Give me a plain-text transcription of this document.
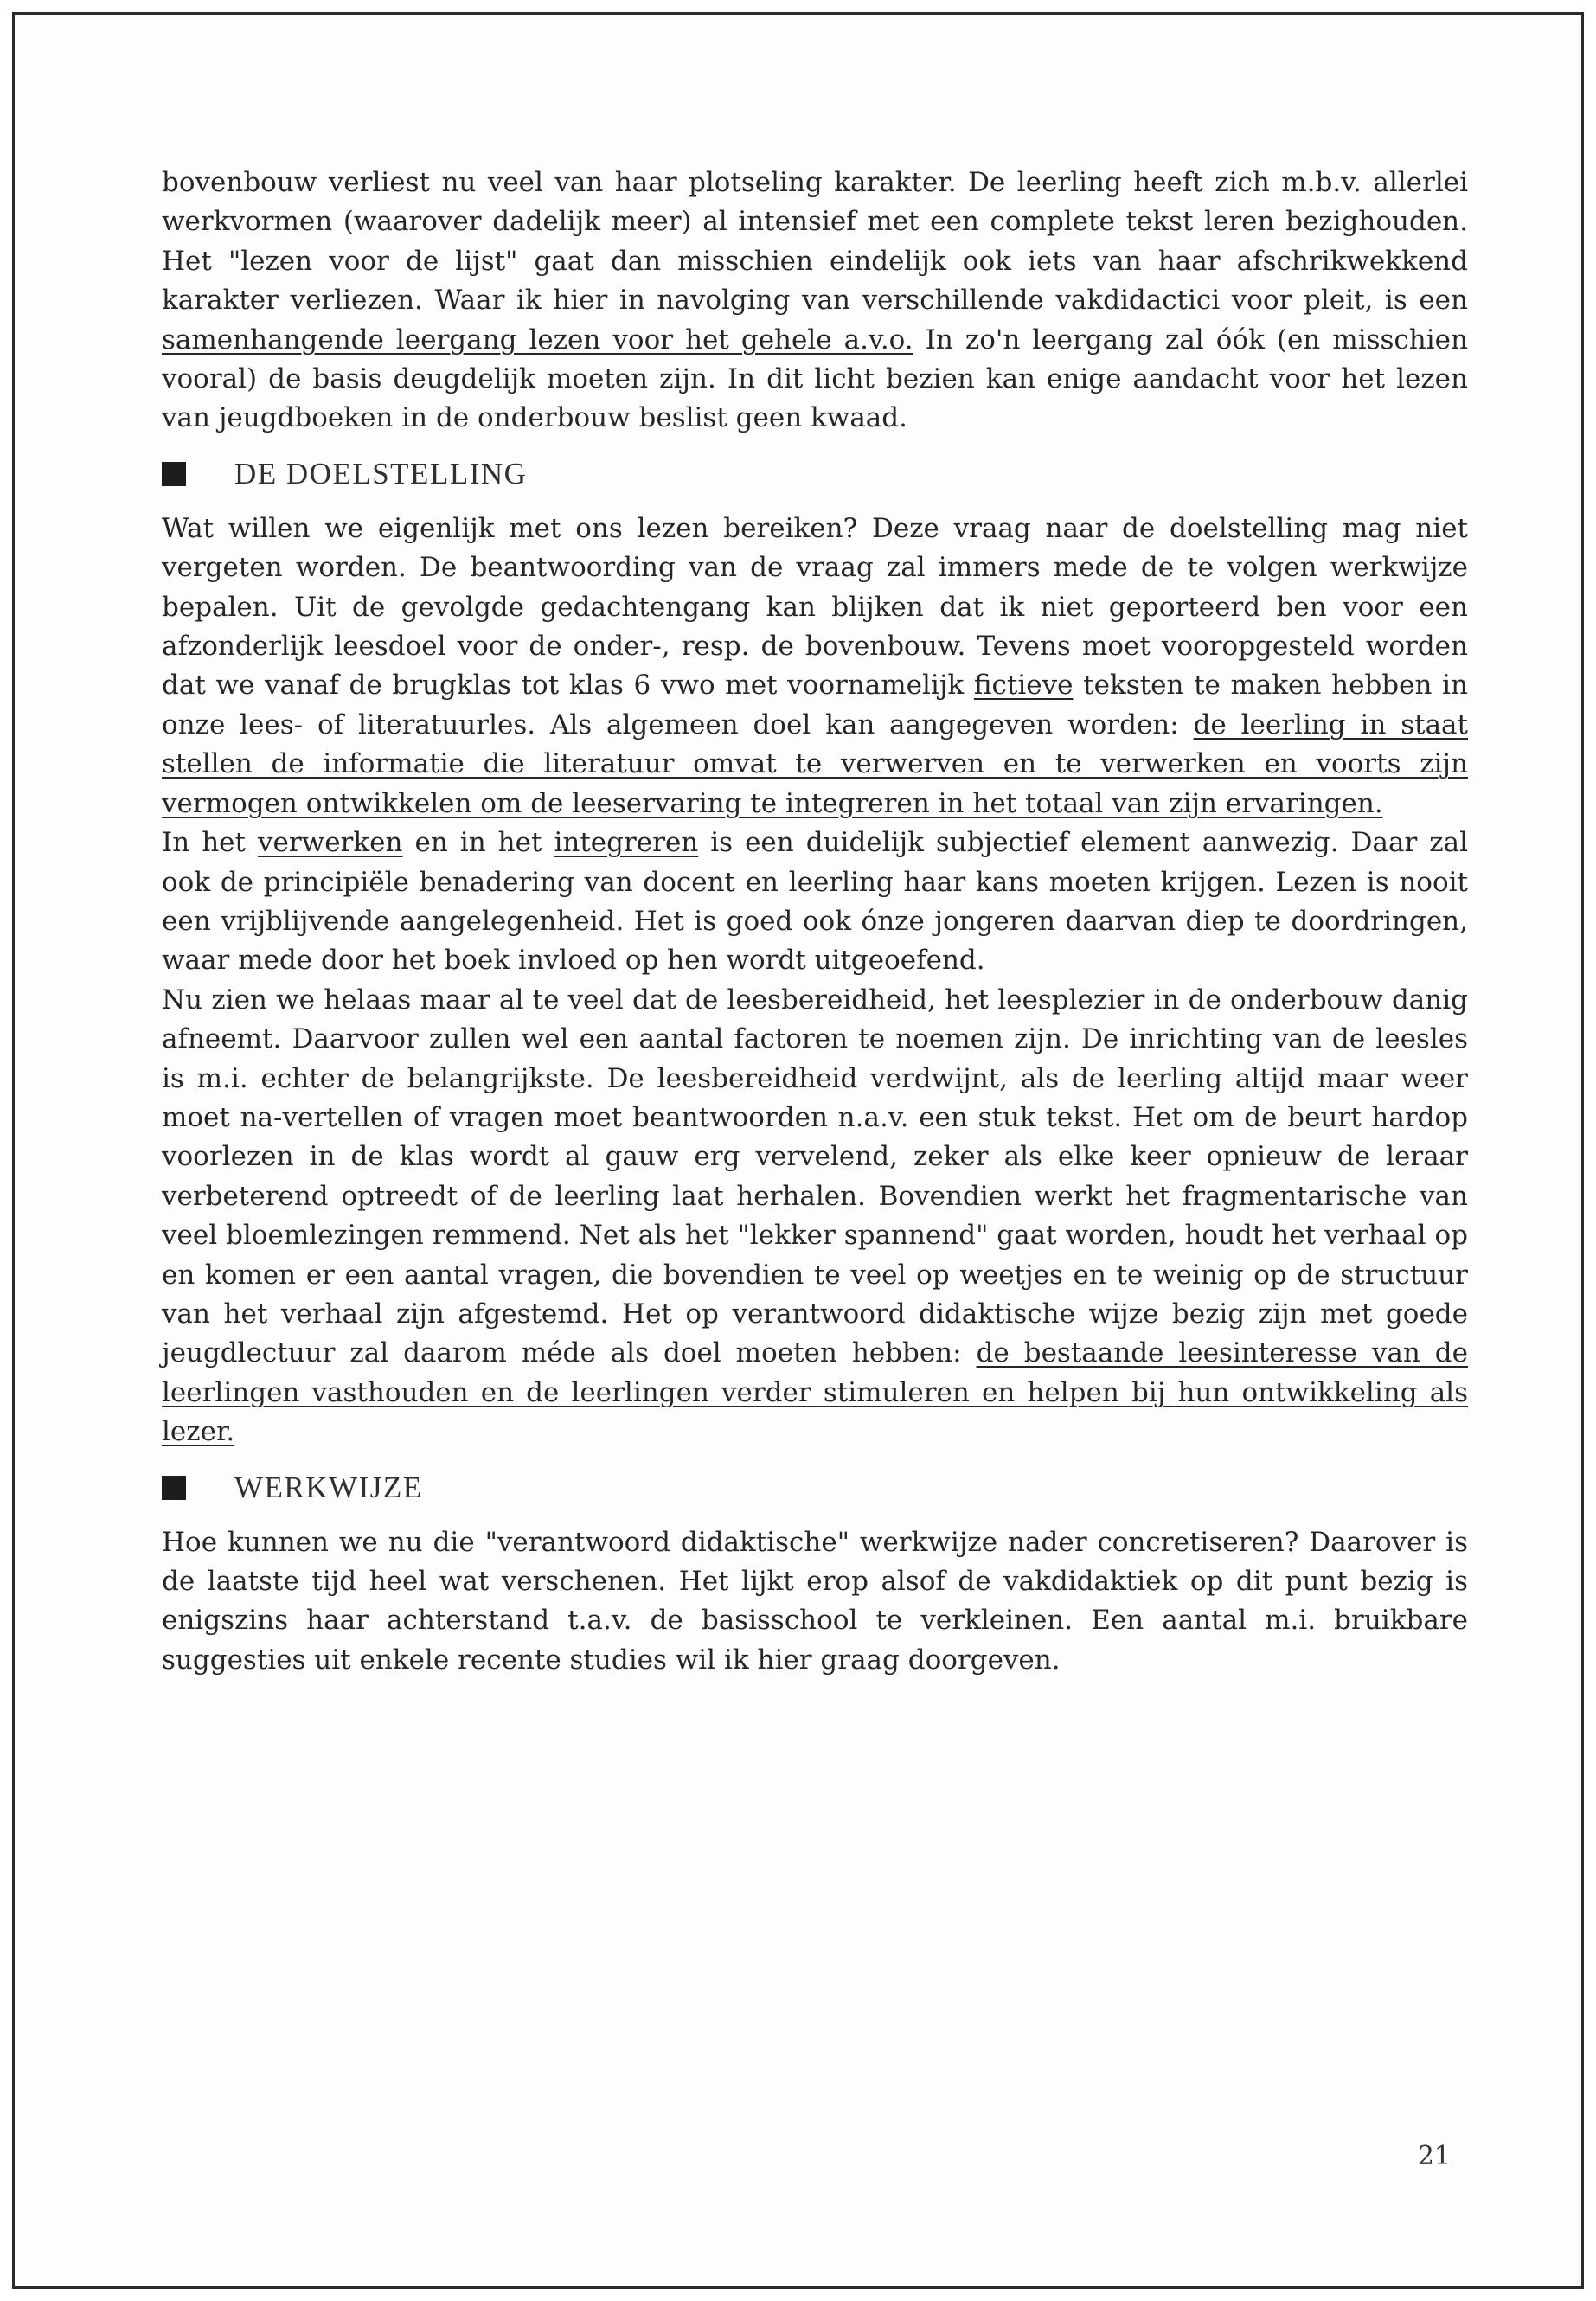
bovenbouw verliest nu veel van haar plotseling karakter. De leerling heeft zich m.b.v. allerlei werkvormen (waarover dadelijk meer) al intensief met een complete tekst leren bezighouden. Het "lezen voor de lijst" gaat dan misschien eindelijk ook iets van haar afschrikwekkend karakter verliezen. Waar ik hier in navolging van verschillende vakdidactici voor pleit, is een samenhangende leergang lezen voor het gehele a.v.o. In zo'n leergang zal óók (en misschien vooral) de basis deugdelijk moeten zijn. In dit licht bezien kan enige aandacht voor het lezen van jeugdboeken in de onderbouw beslist geen kwaad.

DE DOELSTELLING

Wat willen we eigenlijk met ons lezen bereiken? Deze vraag naar de doelstelling mag niet vergeten worden. De beantwoording van de vraag zal immers mede de te volgen werkwijze bepalen. Uit de gevolgde gedachtengang kan blijken dat ik niet geporteerd ben voor een afzonderlijk leesdoel voor de onder-, resp. de bovenbouw. Tevens moet vooropgesteld worden dat we vanaf de brugklas tot klas 6 vwo met voornamelijk fictieve teksten te maken hebben in onze lees- of literatuurles. Als algemeen doel kan aangegeven worden: de leerling in staat stellen de informatie die literatuur omvat te verwerven en te verwerken en voorts zijn vermogen ontwikkelen om de leeservaring te integreren in het totaal van zijn ervaringen.

In het verwerken en in het integreren is een duidelijk subjectief element aanwezig. Daar zal ook de principiële benadering van docent en leerling haar kans moeten krijgen. Lezen is nooit een vrijblijvende aangelegenheid. Het is goed ook ónze jongeren daarvan diep te doordringen, waar mede door het boek invloed op hen wordt uitgeoefend.

Nu zien we helaas maar al te veel dat de leesbereidheid, het leesplezier in de onderbouw danig afneemt. Daarvoor zullen wel een aantal factoren te noemen zijn. De inrichting van de leesles is m.i. echter de belangrijkste. De leesbereidheid verdwijnt, als de leerling altijd maar weer moet na-vertellen of vragen moet beantwoorden n.a.v. een stuk tekst. Het om de beurt hardop voorlezen in de klas wordt al gauw erg vervelend, zeker als elke keer opnieuw de leraar verbeterend optreedt of de leerling laat herhalen. Bovendien werkt het fragmentarische van veel bloemlezingen remmend. Net als het "lekker spannend" gaat worden, houdt het verhaal op en komen er een aantal vragen, die bovendien te veel op weetjes en te weinig op de structuur van het verhaal zijn afgestemd. Het op verantwoord didaktische wijze bezig zijn met goede jeugdlectuur zal daarom méde als doel moeten hebben: de bestaande leesinteresse van de leerlingen vasthouden en de leerlingen verder stimuleren en helpen bij hun ontwikkeling als lezer.

WERKWIJZE

Hoe kunnen we nu die "verantwoord didaktische" werkwijze nader concretiseren? Daarover is de laatste tijd heel wat verschenen. Het lijkt erop alsof de vakdidaktiek op dit punt bezig is enigszins haar achterstand t.a.v. de basisschool te verkleinen. Een aantal m.i. bruikbare suggesties uit enkele recente studies wil ik hier graag doorgeven.

21
